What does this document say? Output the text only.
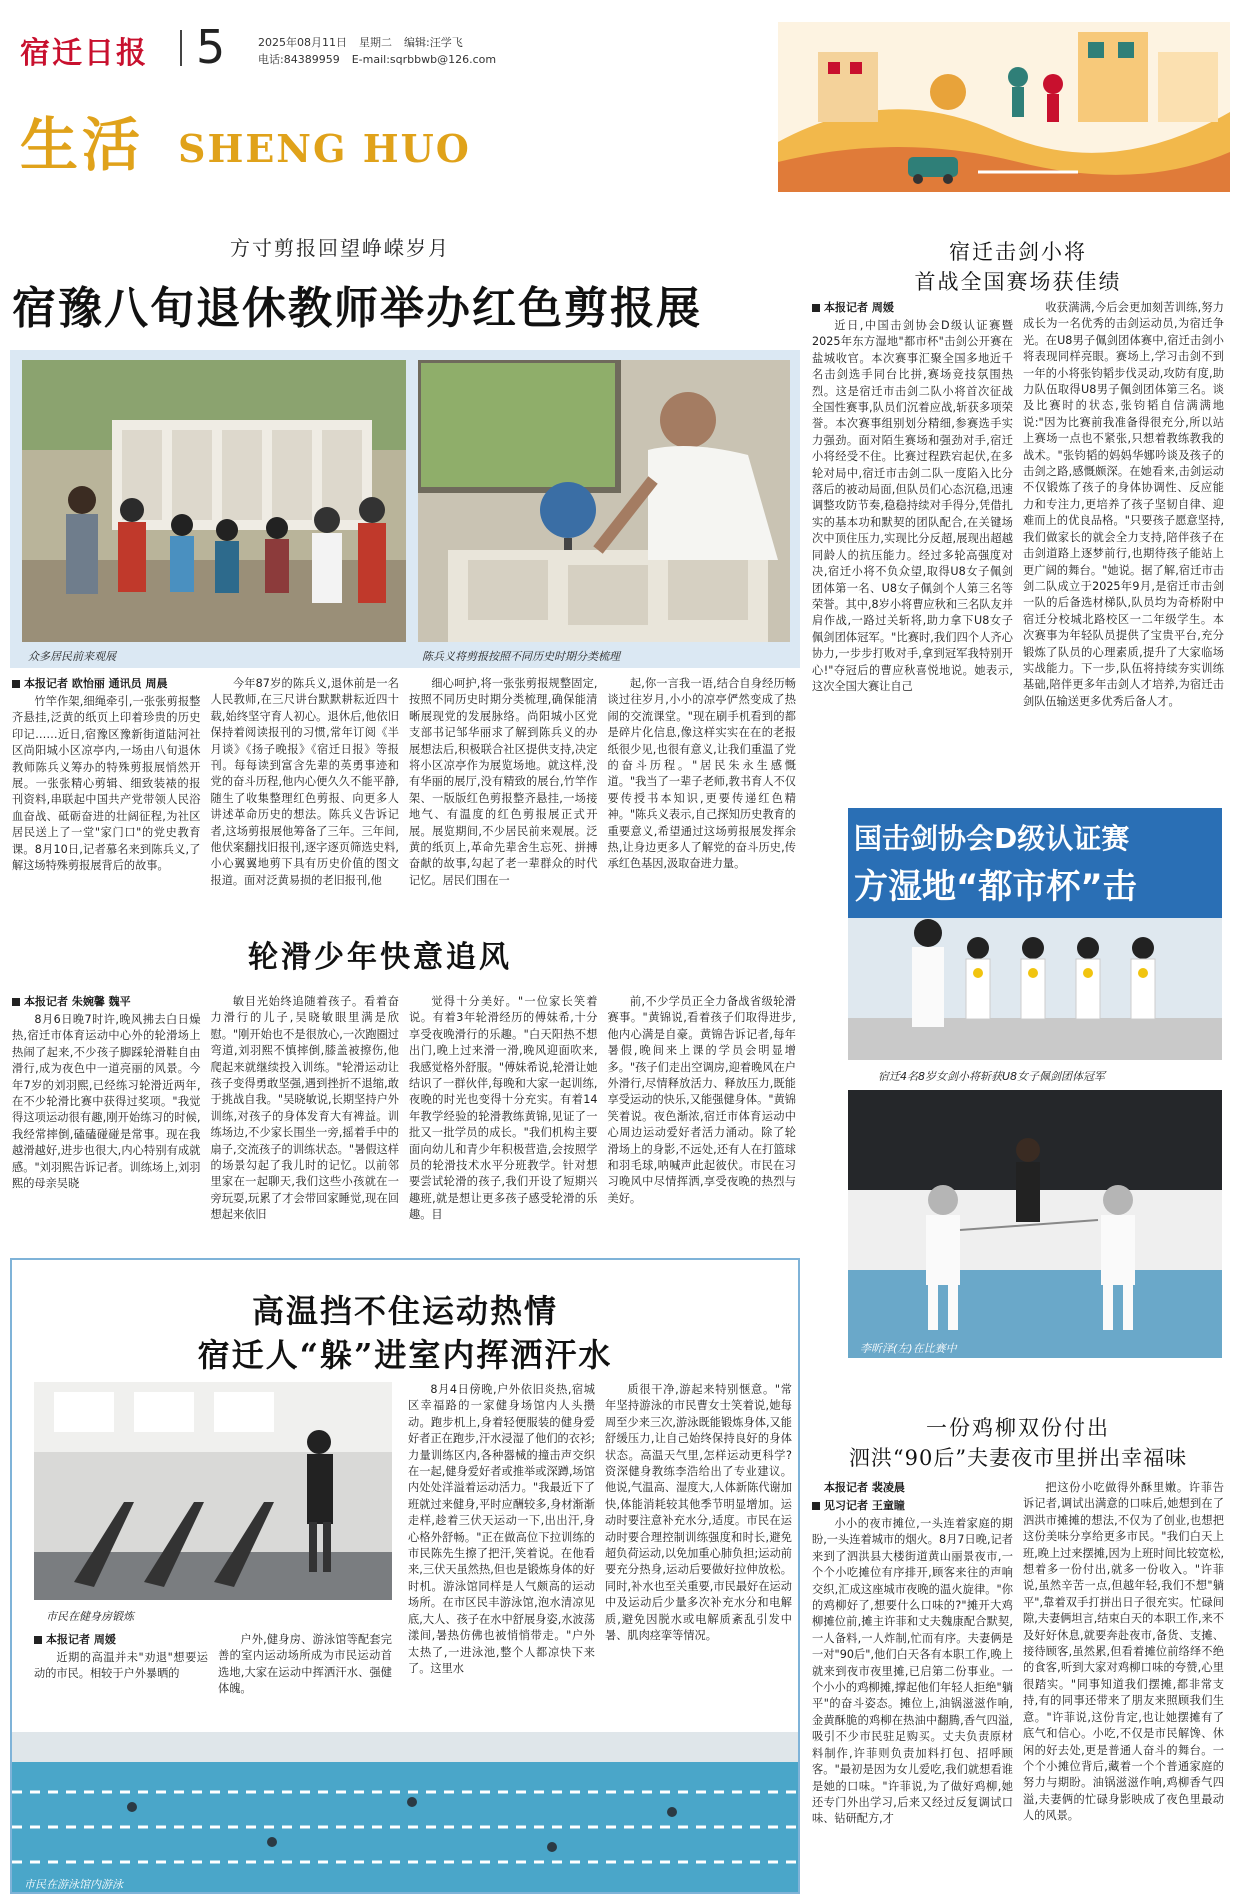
宿迁日报 5	2025年08月11日 星期二 编辑:汪学飞
电话:84389959 E-mail:sqrbbwb@126.com
生活 SHENG HUO
方寸剪报回望峥嵘岁月
宿豫八旬退休教师举办红色剪报展
众多居民前来观展	陈兵义将剪报按照不同历史时期分类梳理
本报记者 欧怡丽 通讯员 周晨

竹竿作架,细绳牵引,一张张剪报整齐悬挂,泛黄的纸页上印着珍贵的历史印记……近日,宿豫区豫新街道陆河社区尚阳城小区凉亭内,一场由八旬退休教师陈兵义筹办的特殊剪报展悄然开展。一张张精心剪辑、细致装裱的报刊资料,串联起中国共产党带领人民浴血奋战、砥砺奋进的壮阔征程,为社区居民送上了一堂"家门口"的党史教育课。8月10日,记者慕名来到陈兵义,了解这场特殊剪报展背后的故事。

今年87岁的陈兵义,退休前是一名人民教师,在三尺讲台默默耕耘近四十载,始终坚守育人初心。退休后,他依旧保持着阅读报刊的习惯,常年订阅《半月谈》《扬子晚报》《宿迁日报》等报刊。每每读到富含先辈的英勇事迹和党的奋斗历程,他内心便久久不能平静,随生了收集整理红色剪报、向更多人讲述革命历史的想法。陈兵义告诉记者,这场剪报展他筹备了三年。三年间,他伏案翻找旧报刊,逐字逐页筛选史料,小心翼翼地剪下具有历史价值的图文报道。面对泛黄易损的老旧报刊,他

细心呵护,将一张张剪报规整固定,按照不同历史时期分类梳理,确保能清晰展现党的发展脉络。尚阳城小区党支部书记邹华丽求了解到陈兵义的办展想法后,积极联合社区提供支持,决定将小区凉亭作为展览场地。就这样,没有华丽的展厅,没有精致的展台,竹竿作架、一版版红色剪报整齐悬挂,一场接地气、有温度的红色剪报展正式开展。展览期间,不少居民前来观展。泛黄的纸页上,革命先辈舍生忘死、拼搏奋献的故事,勾起了老一辈群众的时代记忆。居民们围在一

起,你一言我一语,结合自身经历畅谈过往岁月,小小的凉亭俨然变成了热闹的交流课堂。"现在刷手机看到的都是碎片化信息,像这样实实在在的老报纸很少见,也很有意义,让我们重温了党的奋斗历程。"居民朱永生感慨道。"我当了一辈子老师,教书育人不仅要传授书本知识,更要传递红色精神。"陈兵义表示,自己探知历史教育的重要意义,希望通过这场剪报展发挥余热,让身边更多人了解党的奋斗历史,传承红色基因,汲取奋进力量。

轮滑少年快意追风
本报记者 朱婉馨 魏平

8月6日晚7时许,晚风拂去白日燥热,宿迁市体育运动中心外的轮滑场上热闹了起来,不少孩子脚踩轮滑鞋自由滑行,成为夜色中一道亮丽的风景。今年7岁的刘羽熙,已经练习轮滑近两年,在不少轮滑比赛中获得过奖项。"我觉得这项运动很有趣,刚开始练习的时候,我经常摔倒,磕磕碰碰是常事。现在我越滑越好,进步也很大,内心特别有成就感。"刘羽熙告诉记者。训练场上,刘羽熙的母亲吴晓

敏目光始终追随着孩子。看着奋力滑行的儿子,吴晓敏眼里满是欣慰。"刚开始也不是很放心,一次跑圈过弯道,刘羽熙不慎摔倒,膝盖被擦伤,他爬起来就继续投入训练。"轮滑运动让孩子变得勇敢坚强,遇到挫折不退缩,敢于挑战自我。"吴晓敏说,长期坚持户外训练,对孩子的身体发育大有裨益。训练场边,不少家长围坐一旁,摇着手中的扇子,交流孩子的训练状态。"暑假这样的场景勾起了我儿时的记忆。以前邻里家在一起聊天,我们这些小孩就在一旁玩耍,玩累了才会带回家睡觉,现在回想起来依旧

觉得十分美好。"一位家长笑着说。有着3年轮滑经历的傅妹希,十分享受夜晚滑行的乐趣。"白天阳热不想出门,晚上过来滑一滑,晚风迎面吹来,我感觉格外舒服。"傅妹希说,轮滑让她结识了一群伙伴,每晚和大家一起训练,夜晚的时光也变得十分充实。有着14年教学经验的轮滑教练黄锦,见证了一批又一批学员的成长。"我们机构主要面向幼儿和青少年积极营造,会按照学员的轮滑技术水平分班教学。针对想要尝试轮滑的孩子,我们开设了短期兴趣班,就是想让更多孩子感受轮滑的乐趣。目

前,不少学员正全力备战省级轮滑赛事。"黄锦说,看着孩子们取得进步,他内心满是自豪。黄锦告诉记者,每年暑假,晚间来上课的学员会明显增多。"孩子们走出空调房,迎着晚风在户外滑行,尽情释放活力、释放压力,既能享受运动的快乐,又能强健身体。"黄锦笑着说。夜色渐浓,宿迁市体育运动中心周边运动爱好者活力涌动。除了轮滑场上的身影,不远处,还有人在打篮球和羽毛球,呐喊声此起彼伏。市民在习习晚风中尽情挥洒,享受夜晚的热烈与美好。

高温挡不住运动热情
宿迁人“躲”进室内挥洒汗水
市民在健身房锻炼
本报记者 周媛

近期的高温并未"劝退"想要运动的市民。相较于户外暴晒的

户外,健身房、游泳馆等配套完善的室内运动场所成为市民运动首选地,大家在运动中挥洒汗水、强健体魄。

8月4日傍晚,户外依旧炎热,宿城区幸福路的一家健身场馆内人头攒动。跑步机上,身着轻便服装的健身爱好者正在跑步,汗水浸湿了他们的衣衫;力量训练区内,各种器械的撞击声交织在一起,健身爱好者或推举或深蹲,场馆内处处洋溢着运动活力。"我最近下了班就过来健身,平时应酬较多,身材渐渐走样,趁着三伏天运动一下,出出汗,身心格外舒畅。"正在做高位下拉训练的市民陈先生擦了把汗,笑着说。在他看来,三伏天虽然热,但也是锻炼身体的好时机。游泳馆同样是人气颇高的运动场所。在市区民丰游泳馆,泡水清凉见底,大人、孩子在水中舒展身姿,水波荡漾间,暑热仿佛也被悄悄带走。"户外太热了,一进泳池,整个人都凉快下来了。这里水

质很干净,游起来特别惬意。"常年坚持游泳的市民曹女士笑着说,她每周至少来三次,游泳既能锻炼身体,又能舒缓压力,让自己始终保持良好的身体状态。高温天气里,怎样运动更科学?资深健身教练李浩给出了专业建议。他说,气温高、湿度大,人体新陈代谢加快,体能消耗较其他季节明显增加。运动时要注意补充水分,适度。市民在运动时要合理控制训练强度和时长,避免超负荷运动,以免加重心肺负担;运动前要充分热身,运动后要做好拉伸放松。同时,补水也至关重要,市民最好在运动中及运动后少量多次补充水分和电解质,避免因脱水或电解质紊乱引发中暑、肌肉痉挛等情况。

市民在游泳馆内游泳
宿迁击剑小将
首战全国赛场获佳绩
本报记者 周媛

近日,中国击剑协会D级认证赛暨2025年东方湿地"都市杯"击剑公开赛在盐城收官。本次赛事汇聚全国多地近千名击剑选手同台比拼,赛场竞技氛围热烈。这是宿迁市击剑二队小将首次征战全国性赛事,队员们沉着应战,斩获多项荣誉。本次赛事组别划分精细,参赛选手实力强劲。面对陌生赛场和强劲对手,宿迁小将经受不住。比赛过程跌宕起伏,在多轮对局中,宿迁市击剑二队一度陷入比分落后的被动局面,但队员们心态沉稳,迅速调整攻防节奏,稳稳持续对手得分,凭借扎实的基本功和默契的团队配合,在关键场次中顶住压力,实现比分反超,展现出超越同龄人的抗压能力。经过多轮高强度对决,宿迁小将不负众望,取得U8女子佩剑团体第一名、U8女子佩剑个人第三名等荣誉。其中,8岁小将曹应秋和三名队友并肩作战,一路过关斩将,助力拿下U8女子佩剑团体冠军。"比赛时,我们四个人齐心协力,一步步打败对手,拿到冠军我特别开心!"夺冠后的曹应秋喜悦地说。她表示,这次全国大赛让自己

收获满满,今后会更加刻苦训练,努力成长为一名优秀的击剑运动员,为宿迁争光。在U8男子佩剑团体赛中,宿迁击剑小将表现同样亮眼。赛场上,学习击剑不到一年的小将张钧韬步伐灵动,攻防有度,助力队伍取得U8男子佩剑团体第三名。谈及比赛时的状态,张钧韬自信满满地说:"因为比赛前我准备得很充分,所以站上赛场一点也不紧张,只想着教练教我的战术。"张钧韬的妈妈华娜吟谈及孩子的击剑之路,感慨颇深。在她看来,击剑运动不仅锻炼了孩子的身体协调性、反应能力和专注力,更培养了孩子坚韧自律、迎难而上的优良品格。"只要孩子愿意坚持,我们做家长的就会全力支持,陪伴孩子在击剑道路上逐梦前行,也期待孩子能站上更广阔的舞台。"她说。据了解,宿迁市击剑二队成立于2025年9月,是宿迁市击剑一队的后备选材梯队,队员均为奇桥附中宿迁分校城北路校区一二年级学生。本次赛事为年轻队员提供了宝贵平台,充分锻炼了队员的心理素质,提升了大家临场实战能力。下一步,队伍将持续夯实训练基础,陪伴更多年击剑人才培养,为宿迁击剑队伍输送更多优秀后备人才。

国击剑协会D级认证赛
方湿地“都市杯”击
宿迁4名8岁女剑小将斩获U8女子佩剑团体冠军
李昕泽(左)在比赛中
一份鸡柳双份付出
泗洪“90后”夫妻夜市里拼出幸福味
本报记者 裴凌晨
见习记者 王童瞳

小小的夜市摊位,一头连着家庭的期盼,一头连着城市的烟火。8月7日晚,记者来到了泗洪县大楼街道黄山丽景夜市,一个个小吃摊位有序排开,顾客来往的声响交织,汇成这座城市夜晚的温火旋律。"你的鸡柳好了,想要什么口味的?"摊开大鸡柳摊位前,摊主许菲和丈夫魏康配合默契,一人备料,一人炸制,忙而有序。夫妻俩是一对"90后",他们白天各有本职工作,晚上就来到夜市夜里摊,已启第二份事业。一个小小的鸡柳摊,撑起他们年轻人拒绝"躺平"的奋斗姿态。摊位上,油锅滋滋作响,金黄酥脆的鸡柳在热油中翻腾,香气四溢,吸引不少市民驻足购买。丈夫负责原材料制作,许菲则负责加料打包、招呼顾客。"最初是因为女儿爱吃,我们就想看谁是她的口味。"许菲说,为了做好鸡柳,她还专门外出学习,后来又经过反复调试口味、钻研配方,才

把这份小吃做得外酥里嫩。许菲告诉记者,调试出满意的口味后,她想到在了泗洪市摊摊的想法,不仅为了创业,也想把这份美味分享给更多市民。"我们白天上班,晚上过来摆摊,因为上班时间比较宽松,想着多一份付出,就多一份收入。"许菲说,虽然辛苦一点,但越年轻,我们不想"躺平",靠着双手打拼出日子很充实。忙碌间隙,夫妻俩坦言,结束白天的本职工作,来不及好好休息,就要奔赴夜市,备货、支摊、接待顾客,虽然累,但看着摊位前络绎不绝的食客,听到大家对鸡柳口味的夸赞,心里很踏实。"同事知道我们摆摊,都非常支持,有的同事还带来了朋友来照顾我们生意。"许菲说,这份肯定,也让她摆摊有了底气和信心。小吃,不仅是市民解馋、休闲的好去处,更是普通人奋斗的舞台。一个个小摊位背后,藏着一个个普通家庭的努力与期盼。油锅滋滋作响,鸡柳香气四溢,夫妻俩的忙碌身影映成了夜色里最动人的风景。
